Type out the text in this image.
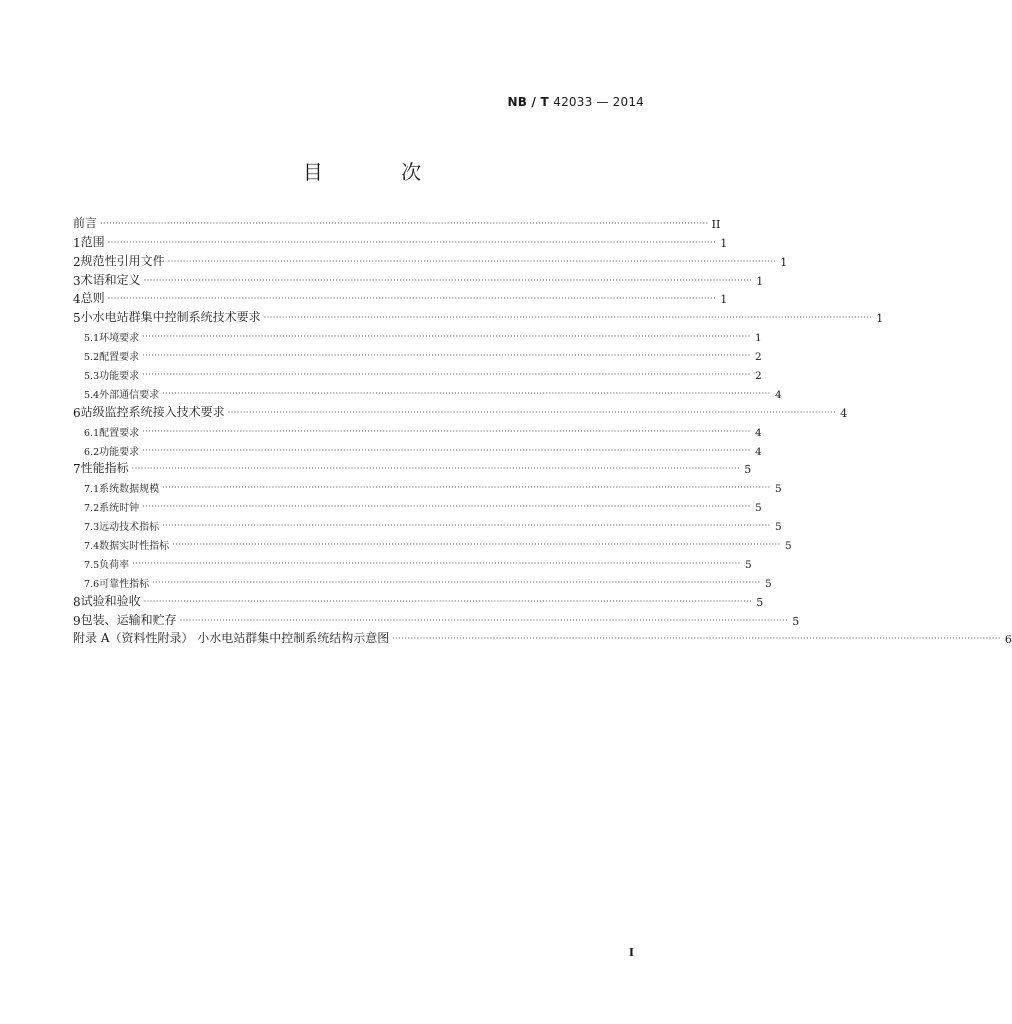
NB / T 42033 — 2014
目 次
前言 ········································································································································································································ II
1 范围 ········································································································································································································ 1
2 规范性引用文件 ········································································································································································································ 1
3 术语和定义 ········································································································································································································ 1
4 总则 ········································································································································································································ 1
5 小水电站群集中控制系统技术要求 ········································································································································································································ 1
5.1 环境要求 ········································································································································································································ 1
5.2 配置要求 ········································································································································································································ 2
5.3 功能要求 ········································································································································································································ 2
5.4 外部通信要求 ········································································································································································································ 4
6 站级监控系统接入技术要求 ········································································································································································································ 4
6.1 配置要求 ········································································································································································································ 4
6.2 功能要求 ········································································································································································································ 4
7 性能指标 ········································································································································································································ 5
7.1 系统数据规模 ········································································································································································································ 5
7.2 系统时钟 ········································································································································································································ 5
7.3 远动技术指标 ········································································································································································································ 5
7.4 数据实时性指标 ········································································································································································································ 5
7.5 负荷率 ········································································································································································································ 5
7.6 可靠性指标 ········································································································································································································ 5
8 试验和验收 ········································································································································································································ 5
9 包装、运输和贮存 ········································································································································································································ 5
附录 A（资料性附录） 小水电站群集中控制系统结构示意图 ········································································································································································································ 6
I
